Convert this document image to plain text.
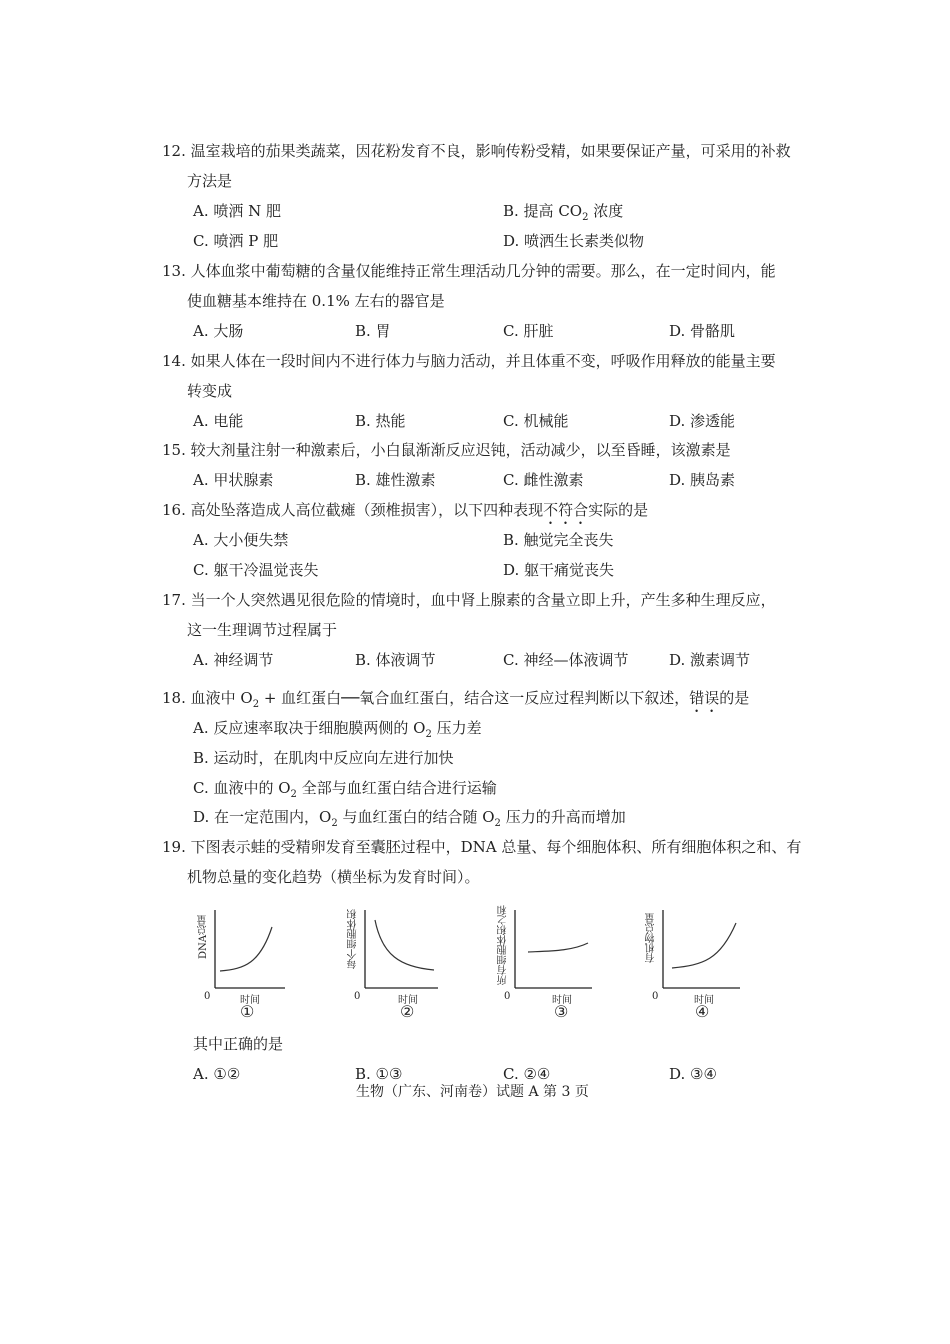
12. 温室栽培的茄果类蔬菜，因花粉发育不良，影响传粉受精，如果要保证产量，可采用的补救
方法是
A. 喷洒 N 肥	B. 提高 $CO_2$ 浓度
C. 喷洒 P 肥	D. 喷洒生长素类似物
13. 人体血浆中葡萄糖的含量仅能维持正常生理活动几分钟的需要。那么，在一定时间内，能
使血糖基本维持在 0.1% 左右的器官是
A. 大肠	B. 胃	C. 肝脏	D. 骨骼肌
14. 如果人体在一段时间内不进行体力与脑力活动，并且体重不变，呼吸作用释放的能量主要
转变成
A. 电能	B. 热能	C. 机械能	D. 渗透能
15. 较大剂量注射一种激素后，小白鼠渐渐反应迟钝，活动减少，以至昏睡，该激素是
A. 甲状腺素	B. 雄性激素	C. 雌性激素	D. 胰岛素
16. 高处坠落造成人高位截瘫（颈椎损害），以下四种表现不符合实际的是
A. 大小便失禁	B. 触觉完全丧失
C. 躯干冷温觉丧失	D. 躯干痛觉丧失
17. 当一个人突然遇见很危险的情境时，血中肾上腺素的含量立即上升，产生多种生理反应，
这一生理调节过程属于
A. 神经调节	B. 体液调节	C. 神经—体液调节	D. 激素调节
18. 血液中 $O_2$ + 血红蛋白──氧合血红蛋白，结合这一反应过程判断以下叙述，错误的是
A. 反应速率取决于细胞膜两侧的 $O_2$ 压力差
B. 运动时，在肌肉中反应向左进行加快
C. 血液中的 $O_2$ 全部与血红蛋白结合进行运输
D. 在一定范围内，$O_2$ 与血红蛋白的结合随 $O_2$ 压力的升高而增加
19. 下图表示蛙的受精卵发育至囊胚过程中，DNA 总量、每个细胞体积、所有细胞体积之和、有
机物总量的变化趋势（横坐标为发育时间）。
DNA总量
0	时间
①
每个细胞体积
时间
②
所有细胞体积之和
时间
③
有机物总量
0	时间
④
0	0
其中正确的是
A. ①②	B. ①③	C. ②④	D. ③④
生物（广东、河南卷）试题 A 第 3 页
